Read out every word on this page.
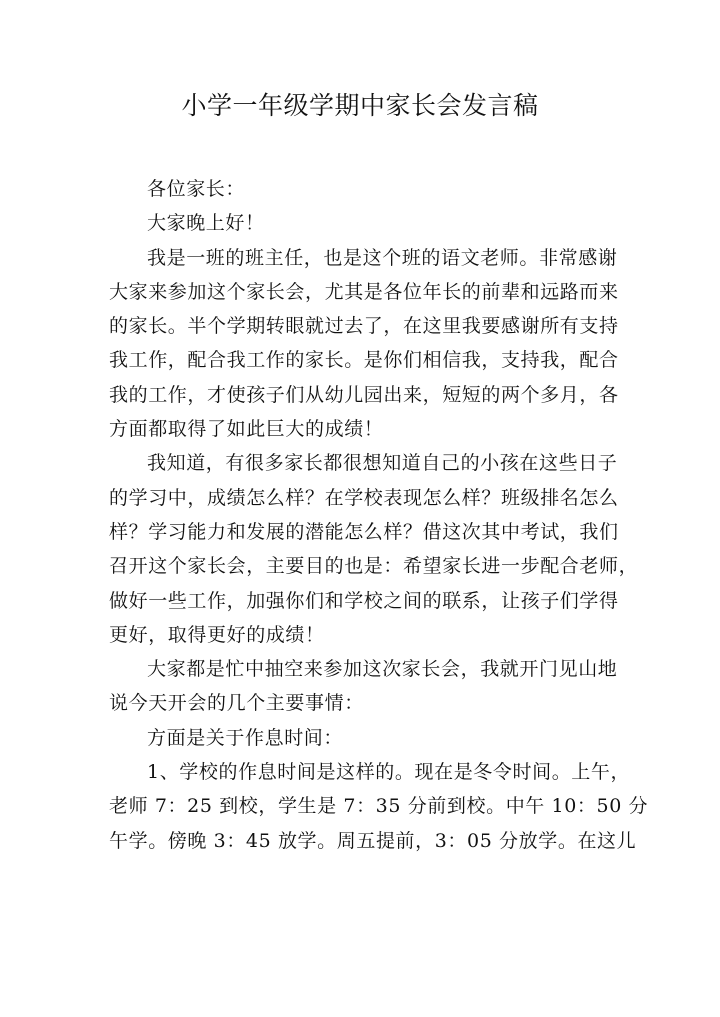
小学一年级学期中家长会发言稿
各位家长：
大家晚上好！
我是一班的班主任，也是这个班的语文老师。非常感谢
大家来参加这个家长会，尤其是各位年长的前辈和远路而来
的家长。半个学期转眼就过去了，在这里我要感谢所有支持
我工作，配合我工作的家长。是你们相信我，支持我，配合
我的工作，才使孩子们从幼儿园出来，短短的两个多月，各
方面都取得了如此巨大的成绩！
我知道，有很多家长都很想知道自己的小孩在这些日子
的学习中，成绩怎么样？在学校表现怎么样？班级排名怎么
样？学习能力和发展的潜能怎么样？借这次其中考试，我们
召开这个家长会，主要目的也是：希望家长进一步配合老师，
做好一些工作，加强你们和学校之间的联系，让孩子们学得
更好，取得更好的成绩！
大家都是忙中抽空来参加这次家长会，我就开门见山地
说今天开会的几个主要事情：
方面是关于作息时间：
1、学校的作息时间是这样的。现在是冬令时间。上午，
老师 7：25 到校，学生是 7：35 分前到校。中午 10：50 分
午学。傍晚 3：45 放学。周五提前，3：05 分放学。在这儿
